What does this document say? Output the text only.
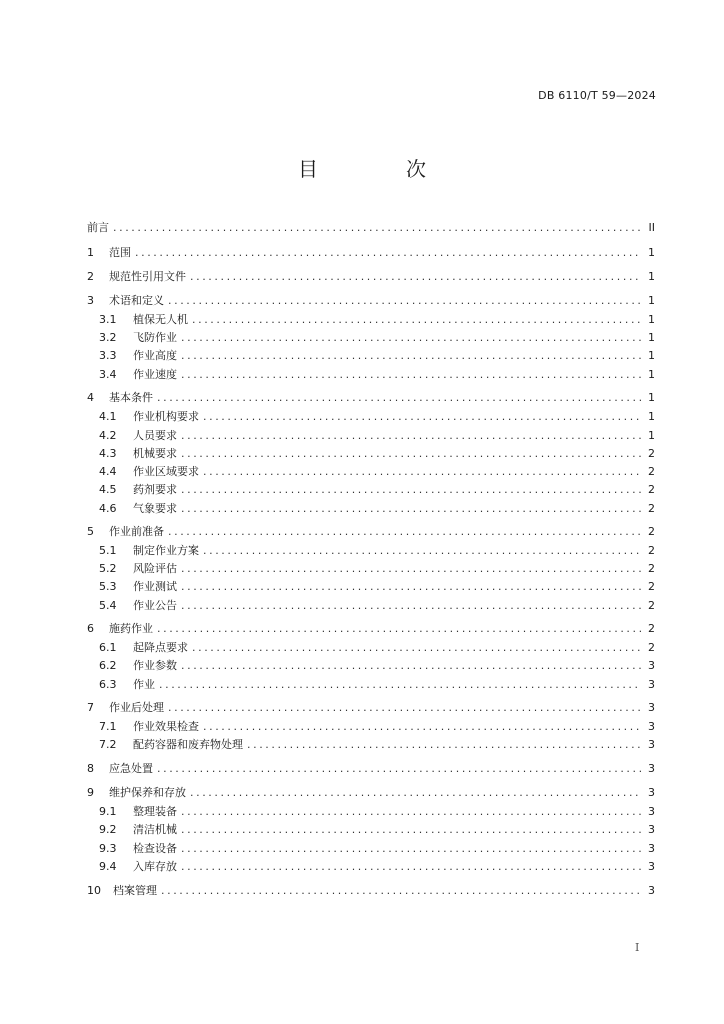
DB 6110/T 59—2024
目　次
前言 .....	II
1	范围 .....	1
2	规范性引用文件 .....	1
3	术语和定义 .....	1
3.1	植保无人机 .....	1
3.2	飞防作业 .....	1
3.3	作业高度 .....	1
3.4	作业速度 .....	1
4	基本条件 .....	1
4.1	作业机构要求 .....	1
4.2	人员要求 .....	1
4.3	机械要求 .....	2
4.4	作业区域要求 .....	2
4.5	药剂要求 .....	2
4.6	气象要求 .....	2
5	作业前准备 .....	2
5.1	制定作业方案 .....	2
5.2	风险评估 .....	2
5.3	作业测试 .....	2
5.4	作业公告 .....	2
6	施药作业 .....	2
6.1	起降点要求 .....	2
6.2	作业参数 .....	3
6.3	作业 .....	3
7	作业后处理 .....	3
7.1	作业效果检查 .....	3
7.2	配药容器和废弃物处理 .....	3
8	应急处置 .....	3
9	维护保养和存放 .....	3
9.1	整理装备 .....	3
9.2	清洁机械 .....	3
9.3	检查设备 .....	3
9.4	入库存放 .....	3
10	档案管理 .....	3
I
